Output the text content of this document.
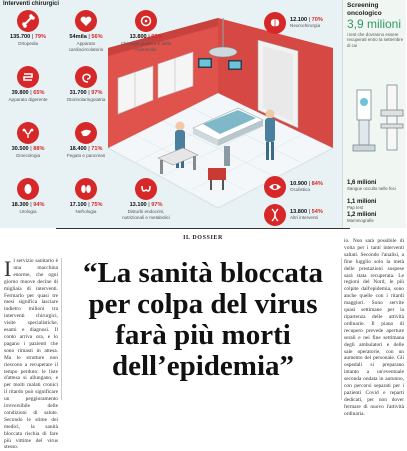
Interventi chirurgici
135.700 | 79%
Ortopedia
39.800 | 65%
Apparato digerente
30.500 | 88%
Ginecologia
18.300 | 94%
Urologia
54mila | 56%
Apparato cardiocircolatorio
31.700 | 97%
Otorinolaringoiatria
18.400 | 71%
Fegato e pancreas
17.100 | 75%
Nefrologia
13.800 | 93%
Chirurgia plastica e della mammella
13.100 | 97%
Disturbi endocrini, nutrizionali e metabolici
12.100 | 70%
Neurochirurgia
10.900 | 84%
Oculistica
13.800 | 54%
Altri interventi
Screening
oncologico
3,9 milioni
i test che dovranno essere recuperati entro la settembre di cui
1,6 milioni
Sangue occulto nelle feci
1,1 milioni
Pap test
1,2 milioni
Mammografie
IL DOSSIER
Il servizio sanitario è una macchina enorme, che ogni giorno muove decine di migliaia di interventi. Fermarlo per quasi tre mesi significa lasciare indietro milioni tra interventi chirurgici, visite specialistiche, esami e diagnosi. Il conto arriva ora, e lo pagano i pazienti che sono rimasti in attesa. Ma le strutture non riescono a recuperare il tempo perduto: le liste d'attesa si allungano, e per molti malati cronici il ritardo può significare un peggioramento irreversibile delle condizioni di salute. Secondo le stime dei medici, la sanità bloccata rischia di fare più vittime del virus stesso.
“La sanità bloccata per colpa del virus farà più morti dell’epidemia”
io. Non sarà possibile di volta per i tanti interventi saltati. Secondo l'analisi, a fine lugglio solo la metà delle prestazioni sospese sarà stata recuperata. Le regioni del Nord, le più colpite dall'epidemia, sono anche quelle con i ritardi maggiori. Sono servite quasi settimane per la ripartenza delle attività ordinarie. Il piano di recupero prevede aperture serali e nei fine settimana degli ambulatori e delle sale operatorie, con un aumento del personale. Gli ospedali si preparano intanto a un'eventuale seconda ondata in autunno, con percorsi separati per i pazienti Covid e reparti dedicati, per non dover fermare di nuovo l'attività ordinaria.
